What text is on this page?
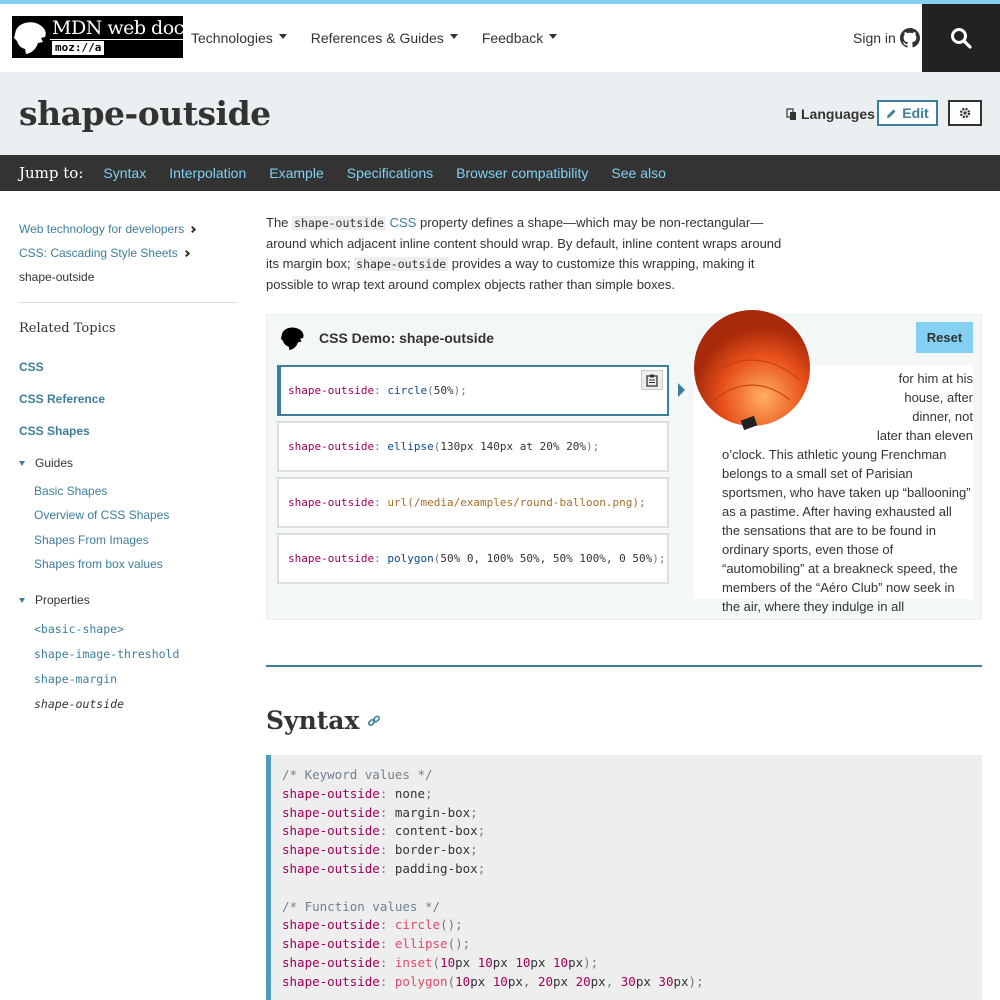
MDN web docs
moz://a
Technologies	References & Guides	Feedback	Sign in
shape-outside	Languages Edit
Jump to: Syntax Interpolation Example Specifications Browser compatibility See also
Web technology for developers
CSS: Cascading Style Sheets
shape-outside
Related Topics
CSS
CSS Reference
CSS Shapes
Guides
Basic Shapes
Overview of CSS Shapes
Shapes From Images
Shapes from box values
Properties
<basic-shape>
shape-image-threshold
shape-margin
shape-outside
The shape-outside CSS property defines a shape—which may be non-rectangular—around which adjacent inline content should wrap. By default, inline content wraps around its margin box; shape-outside provides a way to customize this wrapping, making it possible to wrap text around complex objects rather than simple boxes.
CSS Demo: shape-outside	Reset
shape-outside : circle ( 50% );
shape-outside : ellipse ( 130px 140px at 20% 20% );
shape-outside : url(/media/examples/round-balloon.png) ;
shape-outside : polygon ( 50% 0, 100% 50%, 50% 100%, 0 50% );

for him at his
house, after
dinner, not
later than eleven
o’clock. This athletic young Frenchman belongs to a small set of Parisian sportsmen, who have taken up “ballooning” as a pastime. After having exhausted all the sensations that are to be found in ordinary sports, even those of “automobiling” at a breakneck speed, the members of the “Aéro Club” now seek in the air, where they indulge in all

Syntax
/* Keyword values */
shape-outside: none;
shape-outside: margin-box;
shape-outside: content-box;
shape-outside: border-box;
shape-outside: padding-box;

/* Function values */
shape-outside: circle();
shape-outside: ellipse();
shape-outside: inset(10px 10px 10px 10px);
shape-outside: polygon(10px 10px, 20px 20px, 30px 30px);
